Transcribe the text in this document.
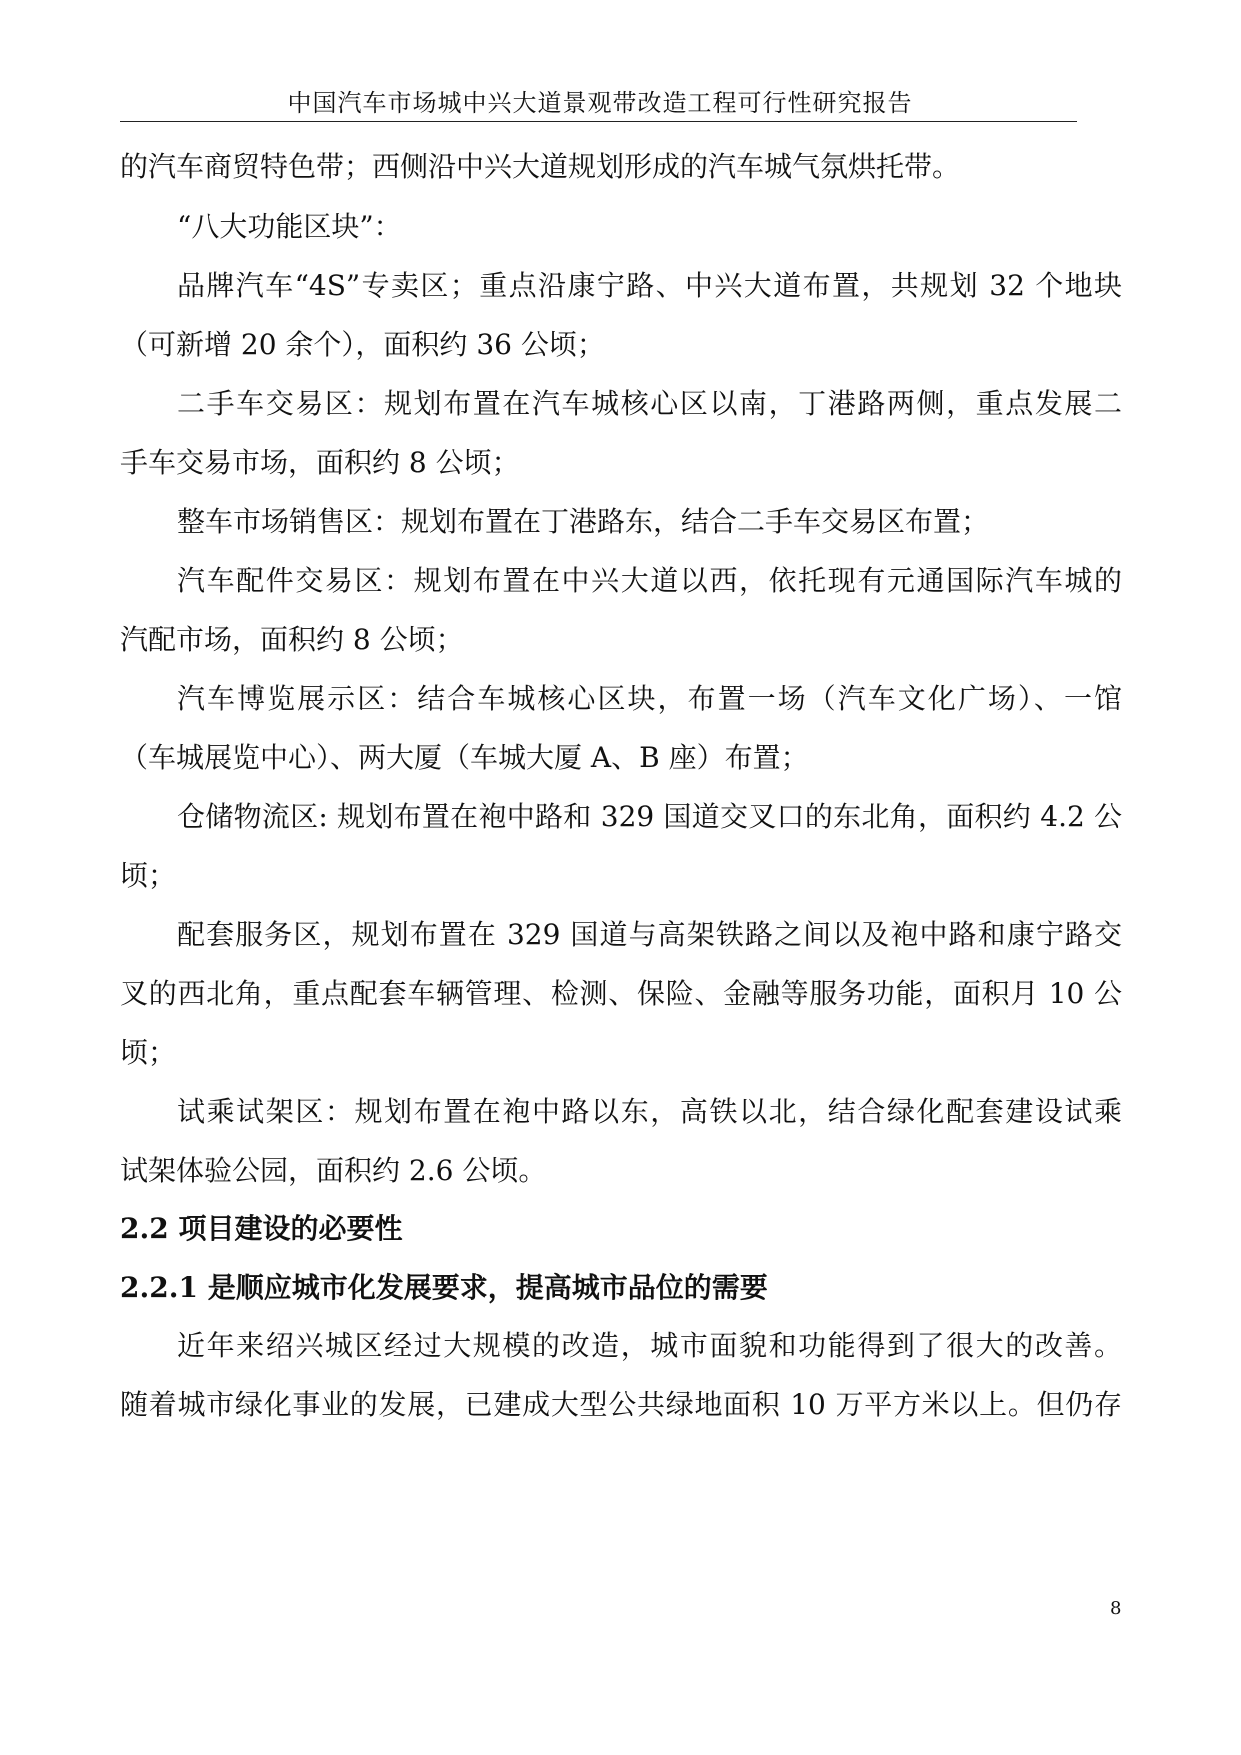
中国汽车市场城中兴大道景观带改造工程可行性研究报告
的汽车商贸特色带；西侧沿中兴大道规划形成的汽车城气氛烘托带。
“八大功能区块”：
品牌汽车“4S”专卖区；重点沿康宁路、中兴大道布置，共规划 32 个地块
（可新增 20 余个），面积约 36 公顷；
二手车交易区：规划布置在汽车城核心区以南，丁港路两侧，重点发展二
手车交易市场，面积约 8 公顷；
整车市场销售区：规划布置在丁港路东，结合二手车交易区布置；
汽车配件交易区：规划布置在中兴大道以西，依托现有元通国际汽车城的
汽配市场，面积约 8 公顷；
汽车博览展示区：结合车城核心区块，布置一场（汽车文化广场）、一馆
（车城展览中心）、两大厦（车城大厦 A、B 座）布置；
仓储物流区: 规划布置在袍中路和 329 国道交叉口的东北角，面积约 4.2 公
顷；
配套服务区，规划布置在 329 国道与高架铁路之间以及袍中路和康宁路交
叉的西北角，重点配套车辆管理、检测、保险、金融等服务功能，面积月 10 公
顷；
试乘试架区：规划布置在袍中路以东，高铁以北，结合绿化配套建设试乘
试架体验公园，面积约 2.6 公顷。
2.2 项目建设的必要性
2.2.1 是顺应城市化发展要求，提高城市品位的需要
近年来绍兴城区经过大规模的改造，城市面貌和功能得到了很大的改善。
随着城市绿化事业的发展，已建成大型公共绿地面积 10 万平方米以上。但仍存
8
